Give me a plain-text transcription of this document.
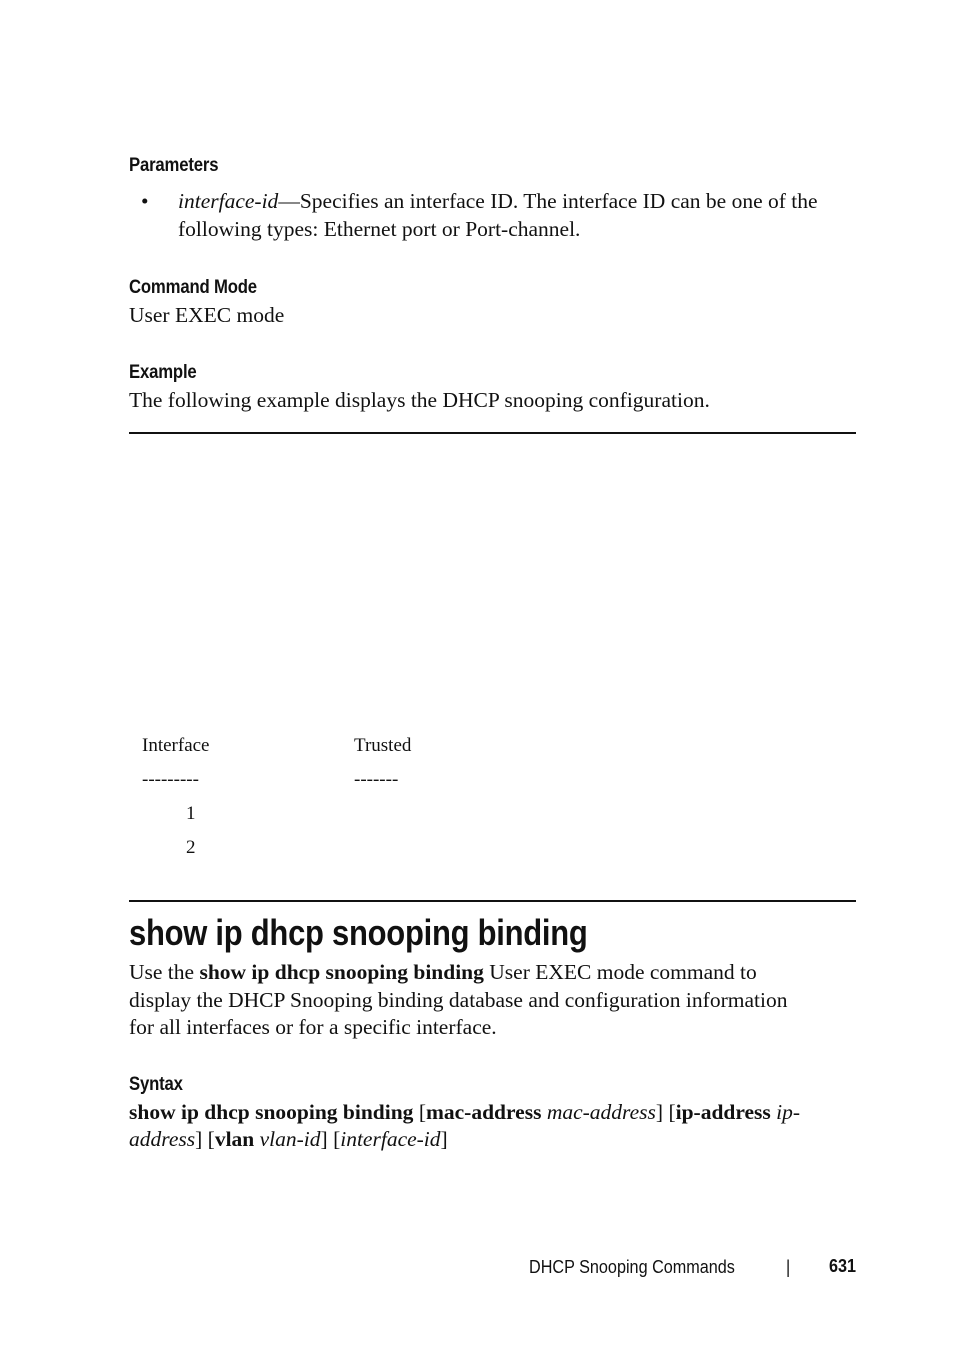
Parameters
• interface-id—Specifies an interface ID. The interface ID can be one of the
following types: Ethernet port or Port-channel.
Command Mode
User EXEC mode
Example
The following example displays the DHCP snooping configuration.
Interface	Trusted
---------	-------
1
2
show ip dhcp snooping binding
Use the show ip dhcp snooping binding User EXEC mode command to
display the DHCP Snooping binding database and configuration information
for all interfaces or for a specific interface.
Syntax
show ip dhcp snooping binding [mac-address mac-address] [ip-address ip-
address] [vlan vlan-id] [interface-id]
DHCP Snooping Commands	| 631
